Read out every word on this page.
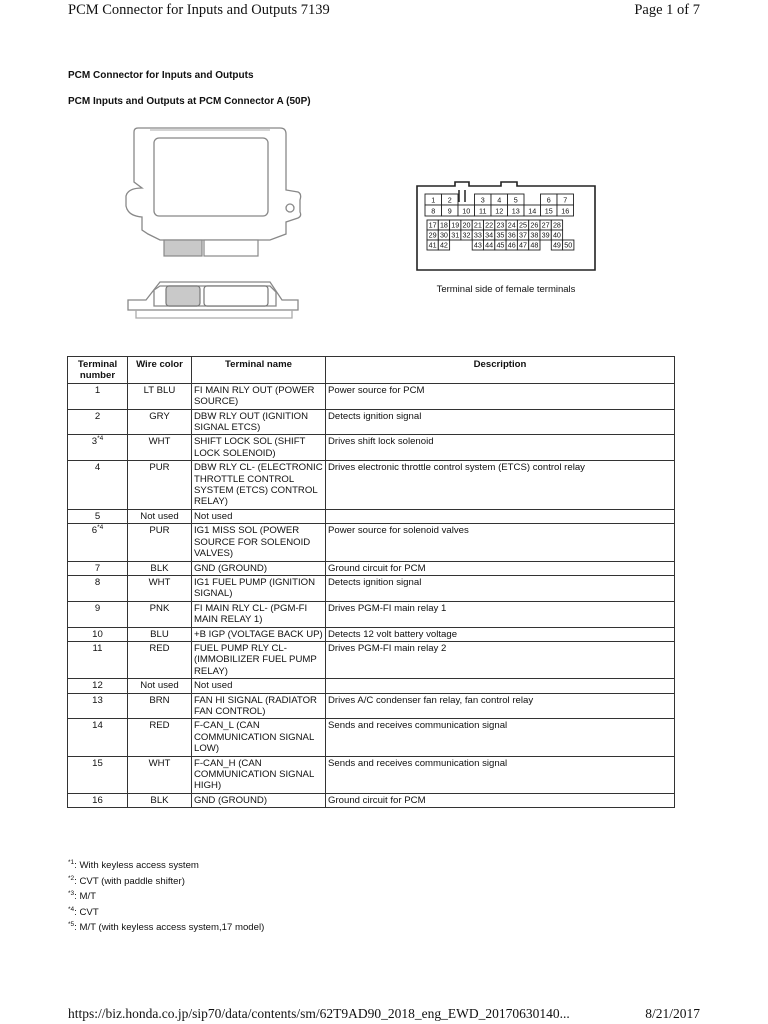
PCM Connector for Inputs and Outputs 7139	Page 1 of 7
PCM Connector for Inputs and Outputs
PCM Inputs and Outputs at PCM Connector A (50P)
1 2	3 4 5	6 7
8 9 10 11 12 13 14 15 16
17 18 19 20 21 22 23 24 25 26 27 28
29 30 31 32 33 34 35 36 37 38 39 40
41 42	43 44 45 46 47 48 49 50
Terminal side of female terminals
Terminal number	Wire color	Terminal name	Description
1	LT BLU	FI MAIN RLY OUT (POWER SOURCE)	Power source for PCM
2	GRY	DBW RLY OUT (IGNITION SIGNAL ETCS)	Detects ignition signal
3$^{*4}$	WHT	SHIFT LOCK SOL (SHIFT LOCK SOLENOID)	Drives shift lock solenoid
4	PUR	DBW RLY CL- (ELECTRONIC THROTTLE CONTROL SYSTEM (ETCS) CONTROL RELAY)	Drives electronic throttle control system (ETCS) control relay
5	Not used	Not used	
6$^{*4}$	PUR	IG1 MISS SOL (POWER SOURCE FOR SOLENOID VALVES)	Power source for solenoid valves
7	BLK	GND (GROUND)	Ground circuit for PCM
8	WHT	IG1 FUEL PUMP (IGNITION SIGNAL)	Detects ignition signal
9	PNK	FI MAIN RLY CL- (PGM-FI MAIN RELAY 1)	Drives PGM-FI main relay 1
10	BLU	+B IGP (VOLTAGE BACK UP)	Detects 12 volt battery voltage
11	RED	FUEL PUMP RLY CL- (IMMOBILIZER FUEL PUMP RELAY)	Drives PGM-FI main relay 2
12	Not used	Not used	
13	BRN	FAN HI SIGNAL (RADIATOR FAN CONTROL)	Drives A/C condenser fan relay, fan control relay
14	RED	F-CAN_L (CAN COMMUNICATION SIGNAL LOW)	Sends and receives communication signal
15	WHT	F-CAN_H (CAN COMMUNICATION SIGNAL HIGH)	Sends and receives communication signal
16	BLK	GND (GROUND)	Ground circuit for PCM
$^{*1}$: With keyless access system
$^{*2}$: CVT (with paddle shifter)
$^{*3}$: M/T
$^{*4}$: CVT
$^{*5}$: M/T (with keyless access system,17 model)
https://biz.honda.co.jp/sip70/data/contents/sm/62T9AD90_2018_eng_EWD_20170630140...	8/21/2017
